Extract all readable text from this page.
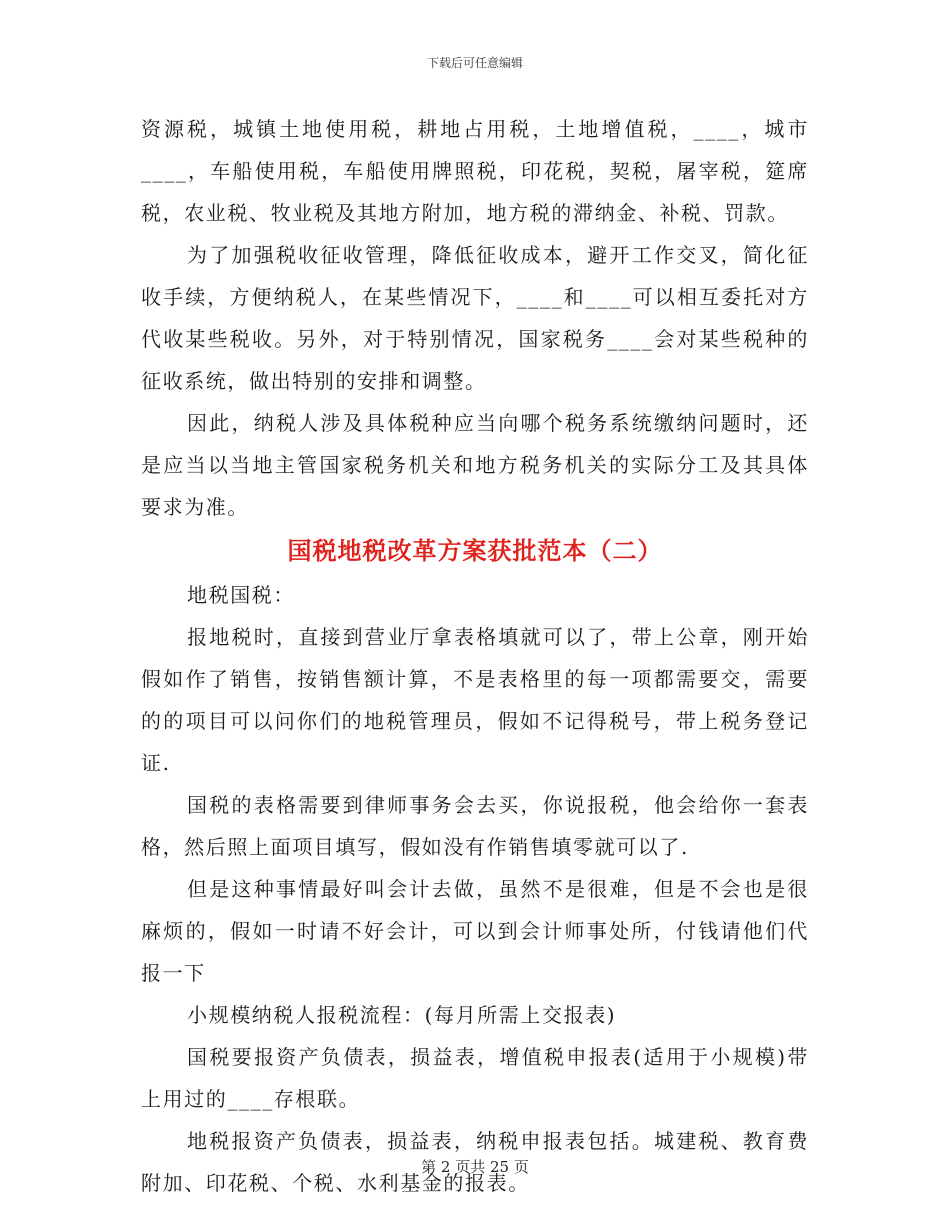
下载后可任意编辑

资源税，城镇土地使用税，耕地占用税，土地增值税，____，城市____，车船使用税，车船使用牌照税，印花税，契税，屠宰税，筵席税，农业税、牧业税及其地方附加，地方税的滞纳金、补税、罚款。

为了加强税收征收管理，降低征收成本，避开工作交叉，简化征收手续，方便纳税人，在某些情况下，____和____可以相互委托对方代收某些税收。另外，对于特别情况，国家税务____会对某些税种的征收系统，做出特别的安排和调整。

因此，纳税人涉及具体税种应当向哪个税务系统缴纳问题时，还是应当以当地主管国家税务机关和地方税务机关的实际分工及其具体要求为准。

国税地税改革方案获批范本（二）

地税国税：

报地税时，直接到营业厅拿表格填就可以了，带上公章，刚开始假如作了销售，按销售额计算，不是表格里的每一项都需要交，需要的的项目可以问你们的地税管理员，假如不记得税号，带上税务登记证.

国税的表格需要到律师事务会去买，你说报税，他会给你一套表格，然后照上面项目填写，假如没有作销售填零就可以了.

但是这种事情最好叫会计去做，虽然不是很难，但是不会也是很麻烦的，假如一时请不好会计，可以到会计师事处所，付钱请他们代报一下

小规模纳税人报税流程：(每月所需上交报表)

国税要报资产负债表，损益表，增值税申报表(适用于小规模)带上用过的____存根联。

地税报资产负债表，损益表，纳税申报表包括。城建税、教育费附加、印花税、个税、水利基金的报表。

第 2 页共 25 页
